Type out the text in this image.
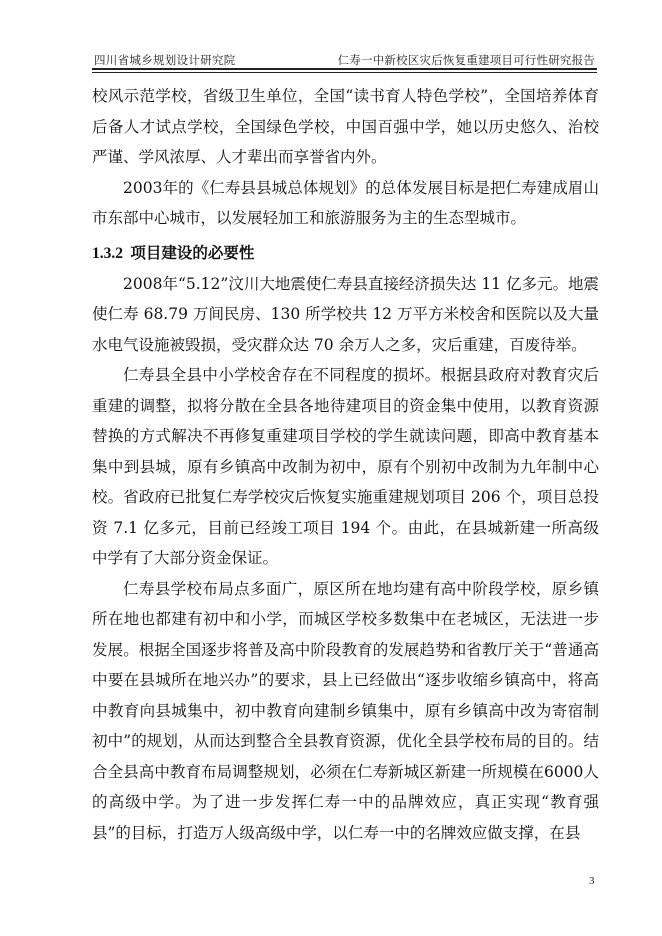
四川省城乡规划设计研究院	仁寿一中新校区灾后恢复重建项目可行性研究报告

校风示范学校，省级卫生单位，全国“读书育人特色学校”，全国培养体育后备人才试点学校，全国绿色学校，中国百强中学，她以历史悠久、治校严谨、学风浓厚、人才辈出而享誉省内外。

2003年的《仁寿县县城总体规划》的总体发展目标是把仁寿建成眉山市东部中心城市，以发展轻加工和旅游服务为主的生态型城市。

1.3.2 项目建设的必要性

2008年“5.12”汶川大地震使仁寿县直接经济损失达 11 亿多元。地震使仁寿 68.79 万间民房、130 所学校共 12 万平方米校舍和医院以及大量水电气设施被毁损，受灾群众达 70 余万人之多，灾后重建，百废待举。

仁寿县全县中小学校舍存在不同程度的损坏。根据县政府对教育灾后重建的调整，拟将分散在全县各地待建项目的资金集中使用，以教育资源替换的方式解决不再修复重建项目学校的学生就读问题，即高中教育基本集中到县城，原有乡镇高中改制为初中，原有个别初中改制为九年制中心校。省政府已批复仁寿学校灾后恢复实施重建规划项目 206 个，项目总投资 7.1 亿多元，目前已经竣工项目 194 个。由此，在县城新建一所高级中学有了大部分资金保证。

仁寿县学校布局点多面广，原区所在地均建有高中阶段学校，原乡镇所在地也都建有初中和小学，而城区学校多数集中在老城区，无法进一步发展。根据全国逐步将普及高中阶段教育的发展趋势和省教厅关于“普通高中要在县城所在地兴办”的要求，县上已经做出“逐步收缩乡镇高中，将高中教育向县城集中，初中教育向建制乡镇集中，原有乡镇高中改为寄宿制初中”的规划，从而达到整合全县教育资源，优化全县学校布局的目的。结合全县高中教育布局调整规划，必须在仁寿新城区新建一所规模在6000人的高级中学。为了进一步发挥仁寿一中的品牌效应，真正实现“教育强县”的目标，打造万人级高级中学，以仁寿一中的名牌效应做支撑，在县

3
